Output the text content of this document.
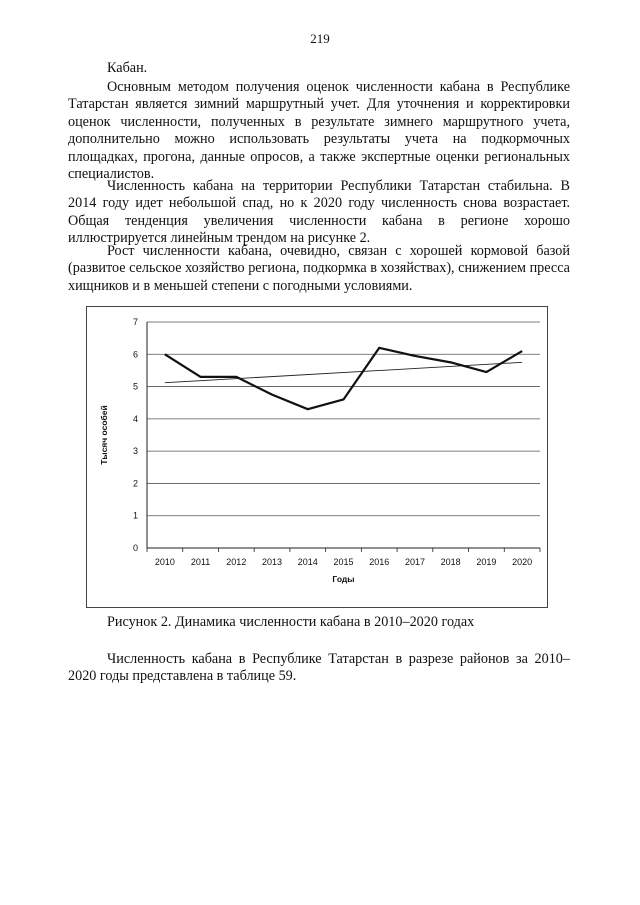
219

Кабан.

Основным методом получения оценок численности кабана в Республике Татарстан является зимний маршрутный учет. Для уточнения и корректировки оценок численности, полученных в результате зимнего маршрутного учета, дополнительно можно использовать результаты учета на подкормочных площадках, прогона, данные опросов, а также экспертные оценки региональных специалистов.

Численность кабана на территории Республики Татарстан стабильна. В 2014 году идет небольшой спад, но к 2020 году численность снова возрастает. Общая тенденция увеличения численности кабана в регионе хорошо иллюстрируется линейным трендом на рисунке 2.

Рост численности кабана, очевидно, связан с хорошей кормовой базой (развитое сельское хозяйство региона, подкормка в хозяйствах), снижением пресса хищников и в меньшей степени с погодными условиями.

0
1
2
3
4
5
6
7
2010 2011 2012 2013 2014 2015 2016 2017 2018 2019 2020
Годы
Тысяч особей

Рисунок 2. Динамика численности кабана в 2010–2020 годах

Численность кабана в Республике Татарстан в разрезе районов за 2010–2020 годы представлена в таблице 59.
